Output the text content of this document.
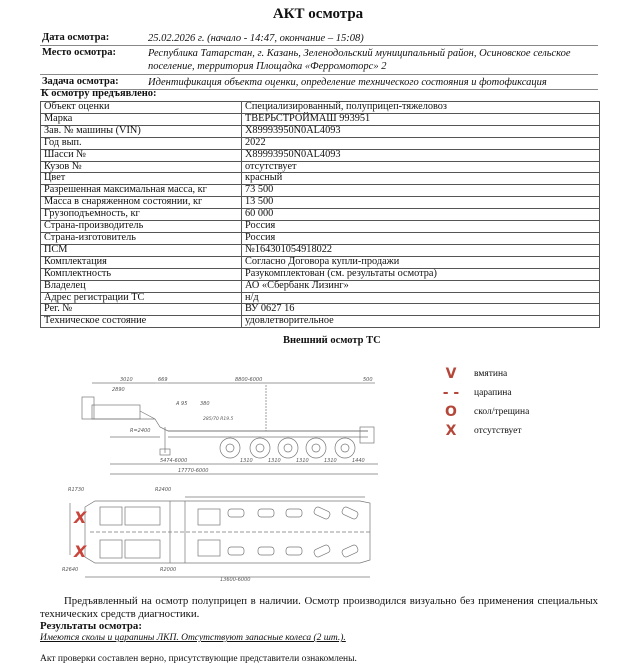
АКТ осмотра
Дата осмотра:	25.02.2026 г. (начало - 14:47, окончание – 15:08)
Место осмотра:	Республика Татарстан, г. Казань, Зеленодольский муниципальный район, Осиновское сельское
поселение, территория Площадка «Ферромоторс» 2
Задача осмотра:	Идентификация объекта оценки, определение технического состояния и фотофиксация
К осмотру предъявлено:
Объект оценки	Специализированный, полуприцеп-тяжеловоз
Марка	ТВЕРЬСТРОЙМАШ 993951
Зав. № машины (VIN)	X89993950N0AL4093
Год вып.	2022
Шасси №	X89993950N0AL4093
Кузов №	отсутствует
Цвет	красный
Разрешенная максимальная масса, кг	73 500
Масса в снаряженном состоянии, кг	13 500
Грузоподъемность, кг	60 000
Страна-производитель	Россия
Страна-изготовитель	Россия
ПСМ	№164301054918022
Комплектация	Согласно Договора купли-продажи
Комплектность	Разукомплектован (см. результаты осмотра)
Владелец	АО «Сбербанк Лизинг»
Адрес регистрации ТС	н/д
Рег. №	ВУ 0627 16
Техническое состояние	удовлетворительное
Внешний осмотр ТС
3010
2890
669	8800-6000	500
A 95	380
285/70 R19.5
R=2400
5474-6000	1310	1310	1310	1310	1440
17770-6000
R1730	R2400
R2640	R2000
13600-6000
X
X
V	вмятина
- -	царапина
O	скол/трещина
X	отсутствует
Предъявленный на осмотр полуприцеп в наличии. Осмотр производился визуально без применения специальных технических средств диагностики.
Результаты осмотра:
Имеются сколы и царапины ЛКП. Отсутствуют запасные колеса (2 шт.).
Акт проверки составлен верно, присутствующие представители ознакомлены.
